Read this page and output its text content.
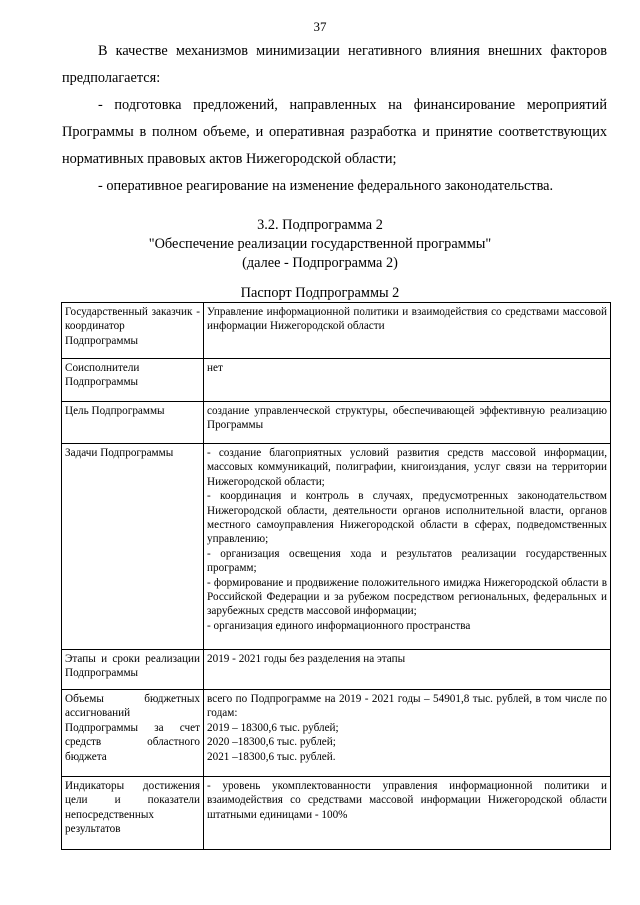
37

В качестве механизмов минимизации негативного влияния внешних факторов предполагается:

- подготовка предложений, направленных на финансирование мероприятий Программы в полном объеме, и оперативная разработка и принятие соответствующих нормативных правовых актов Нижегородской области;

- оперативное реагирование на изменение федерального законодательства.

3.2. Подпрограмма 2
"Обеспечение реализации государственной программы"
(далее - Подпрограмма 2)
Паспорт Подпрограммы 2
Государственный заказчик - координатор Подпрограммы	Управление информационной политики и взаимодействия со средствами массовой информации Нижегородской области
Соисполнители Подпрограммы	нет
Цель Подпрограммы	создание управленческой структуры, обеспечивающей эффективную реализацию Программы
Задачи Подпрограммы	- создание благоприятных условий развития средств массовой информации, массовых коммуникаций, полиграфии, книгоиздания, услуг связи на территории Нижегородской области;
- координация и контроль в случаях, предусмотренных законодательством Нижегородской области, деятельности органов исполнительной власти, органов местного самоуправления Нижегородской области в сферах, подведомственных управлению;
- организация освещения хода и результатов реализации государственных программ;
- формирование и продвижение положительного имиджа Нижегородской области в Российской Федерации и за рубежом посредством региональных, федеральных и зарубежных средств массовой информации;
- организация единого информационного пространства

Этапы и сроки реализации Подпрограммы	2019 - 2021 годы без разделения на этапы
Объемы бюджетных ассигнований Подпрограммы за счет средств областного бюджета	всего по Подпрограмме на 2019 - 2021 годы – 54901,8 тыс. рублей, в том числе по годам:
2019 – 18300,6 тыс. рублей;
2020 –18300,6 тыс. рублей;
2021 –18300,6 тыс. рублей.

Индикаторы достижения цели и показатели непосредственных результатов	- уровень укомплектованности управления информационной политики и взаимодействия со средствами массовой информации Нижегородской области штатными единицами - 100%
